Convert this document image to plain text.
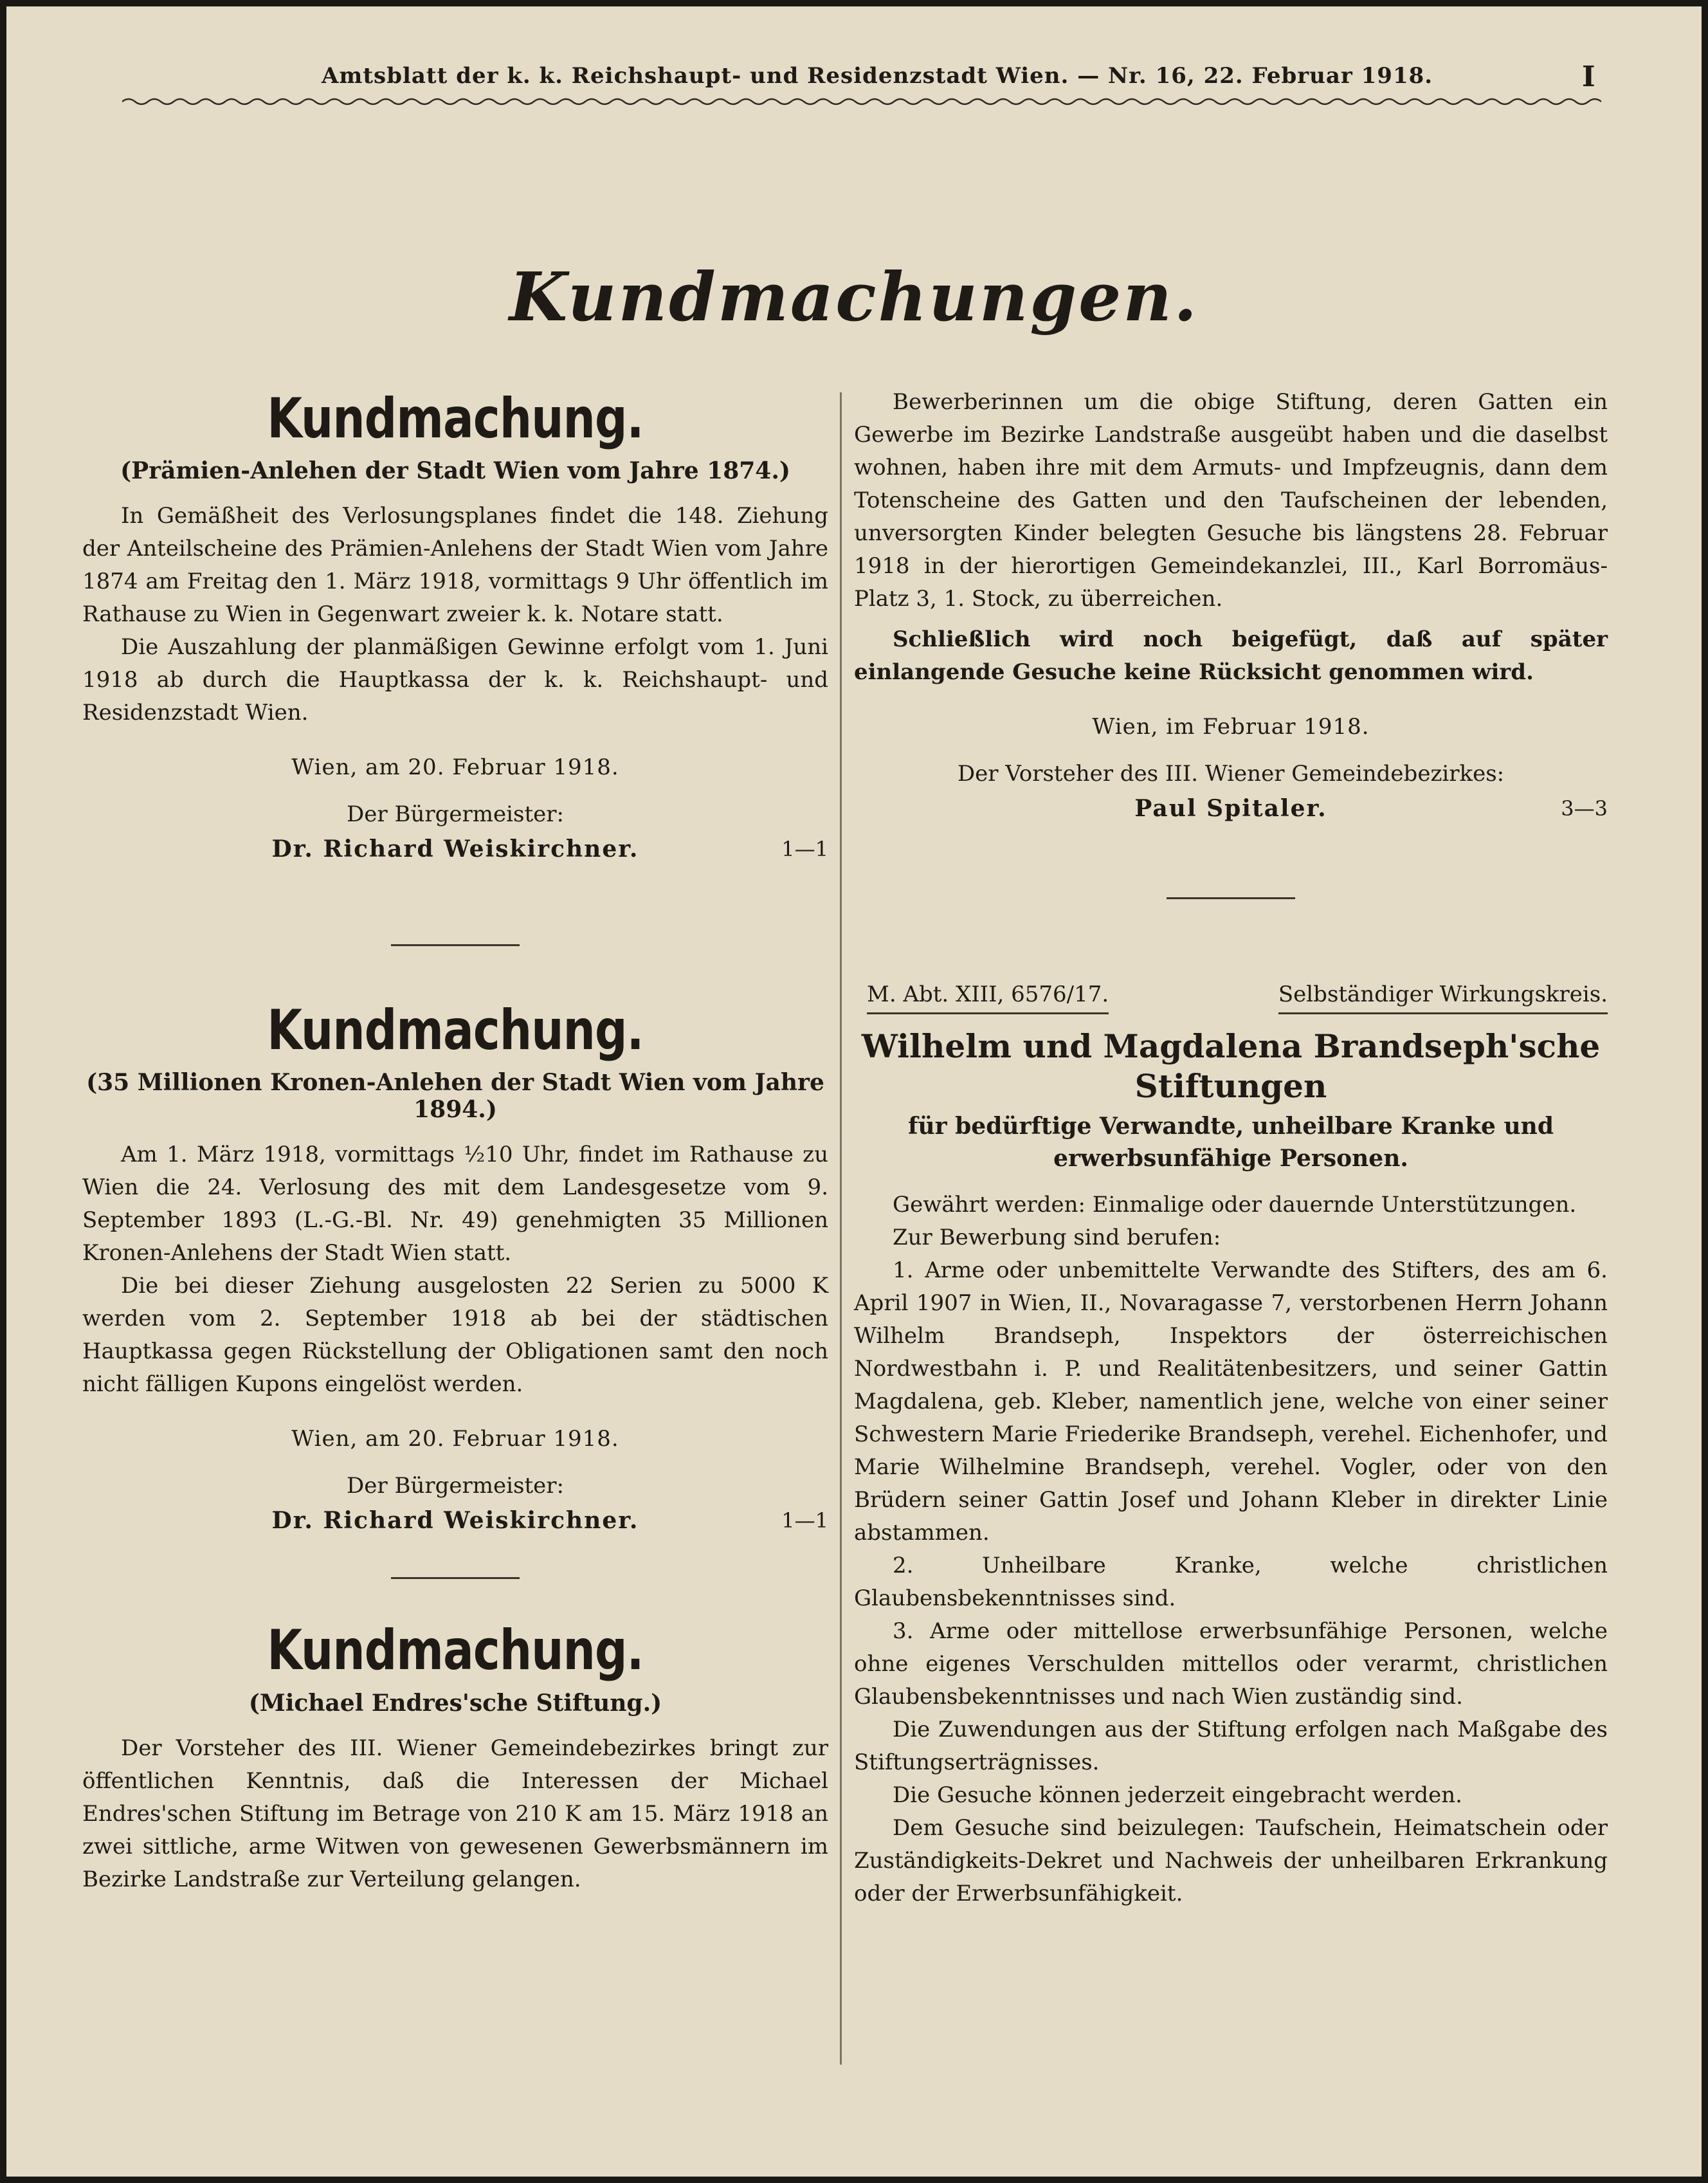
Amtsblatt der k. k. Reichshaupt- und Residenzstadt Wien. — Nr. 16, 22. Februar 1918.	I
Kundmachungen.
Kundmachung.
(Prämien-Anlehen der Stadt Wien vom Jahre 1874.)

In Gemäßheit des Verlosungsplanes findet die 148. Ziehung der Anteilscheine des Prämien-Anlehens der Stadt Wien vom Jahre 1874 am Freitag den 1. März 1918, vormittags 9 Uhr öffentlich im Rathause zu Wien in Gegenwart zweier k. k. Notare statt.

Die Auszahlung der planmäßigen Gewinne erfolgt vom 1. Juni 1918 ab durch die Hauptkassa der k. k. Reichshaupt- und Residenzstadt Wien.

Wien, am 20. Februar 1918.
Der Bürgermeister:
Dr. Richard Weiskirchner.	1—1
Kundmachung.
(35 Millionen Kronen-Anlehen der Stadt Wien vom Jahre 1894.)

Am 1. März 1918, vormittags ½10 Uhr, findet im Rathause zu Wien die 24. Verlosung des mit dem Landesgesetze vom 9. September 1893 (L.-G.-Bl. Nr. 49) genehmigten 35 Millionen Kronen-Anlehens der Stadt Wien statt.

Die bei dieser Ziehung ausgelosten 22 Serien zu 5000 K werden vom 2. September 1918 ab bei der städtischen Hauptkassa gegen Rückstellung der Obligationen samt den noch nicht fälligen Kupons eingelöst werden.

Wien, am 20. Februar 1918.
Der Bürgermeister:
Dr. Richard Weiskirchner.	1—1
Kundmachung.
(Michael Endres'sche Stiftung.)

Der Vorsteher des III. Wiener Gemeindebezirkes bringt zur öffentlichen Kenntnis, daß die Interessen der Michael Endres'schen Stiftung im Betrage von 210 K am 15. März 1918 an zwei sittliche, arme Witwen von gewesenen Gewerbsmännern im Bezirke Landstraße zur Verteilung gelangen.

Bewerberinnen um die obige Stiftung, deren Gatten ein Gewerbe im Bezirke Landstraße ausgeübt haben und die daselbst wohnen, haben ihre mit dem Armuts- und Impfzeugnis, dann dem Totenscheine des Gatten und den Taufscheinen der lebenden, unversorgten Kinder belegten Gesuche bis längstens 28. Februar 1918 in der hierortigen Gemeindekanzlei, III., Karl Borromäus-Platz 3, 1. Stock, zu überreichen.

Schließlich wird noch beigefügt, daß auf später einlangende Gesuche keine Rücksicht genommen wird.

Wien, im Februar 1918.
Der Vorsteher des III. Wiener Gemeindebezirkes:
Paul Spitaler.	3—3
M. Abt. XIII, 6576/17.	Selbständiger Wirkungskreis.
Wilhelm und Magdalena Brandseph'sche Stiftungen
für bedürftige Verwandte, unheilbare Kranke und erwerbsunfähige Personen.

Gewährt werden: Einmalige oder dauernde Unterstützungen.

Zur Bewerbung sind berufen:

1. Arme oder unbemittelte Verwandte des Stifters, des am 6. April 1907 in Wien, II., Novaragasse 7, verstorbenen Herrn Johann Wilhelm Brandseph, Inspektors der österreichischen Nordwestbahn i. P. und Realitätenbesitzers, und seiner Gattin Magdalena, geb. Kleber, namentlich jene, welche von einer seiner Schwestern Marie Friederike Brandseph, verehel. Eichenhofer, und Marie Wilhelmine Brandseph, verehel. Vogler, oder von den Brüdern seiner Gattin Josef und Johann Kleber in direkter Linie abstammen.

2. Unheilbare Kranke, welche christlichen Glaubensbekenntnisses sind.

3. Arme oder mittellose erwerbsunfähige Personen, welche ohne eigenes Verschulden mittellos oder verarmt, christlichen Glaubensbekenntnisses und nach Wien zuständig sind.

Die Zuwendungen aus der Stiftung erfolgen nach Maßgabe des Stiftungserträgnisses.

Die Gesuche können jederzeit eingebracht werden.

Dem Gesuche sind beizulegen: Taufschein, Heimatschein oder Zuständigkeits-Dekret und Nachweis der unheilbaren Erkrankung oder der Erwerbsunfähigkeit.
